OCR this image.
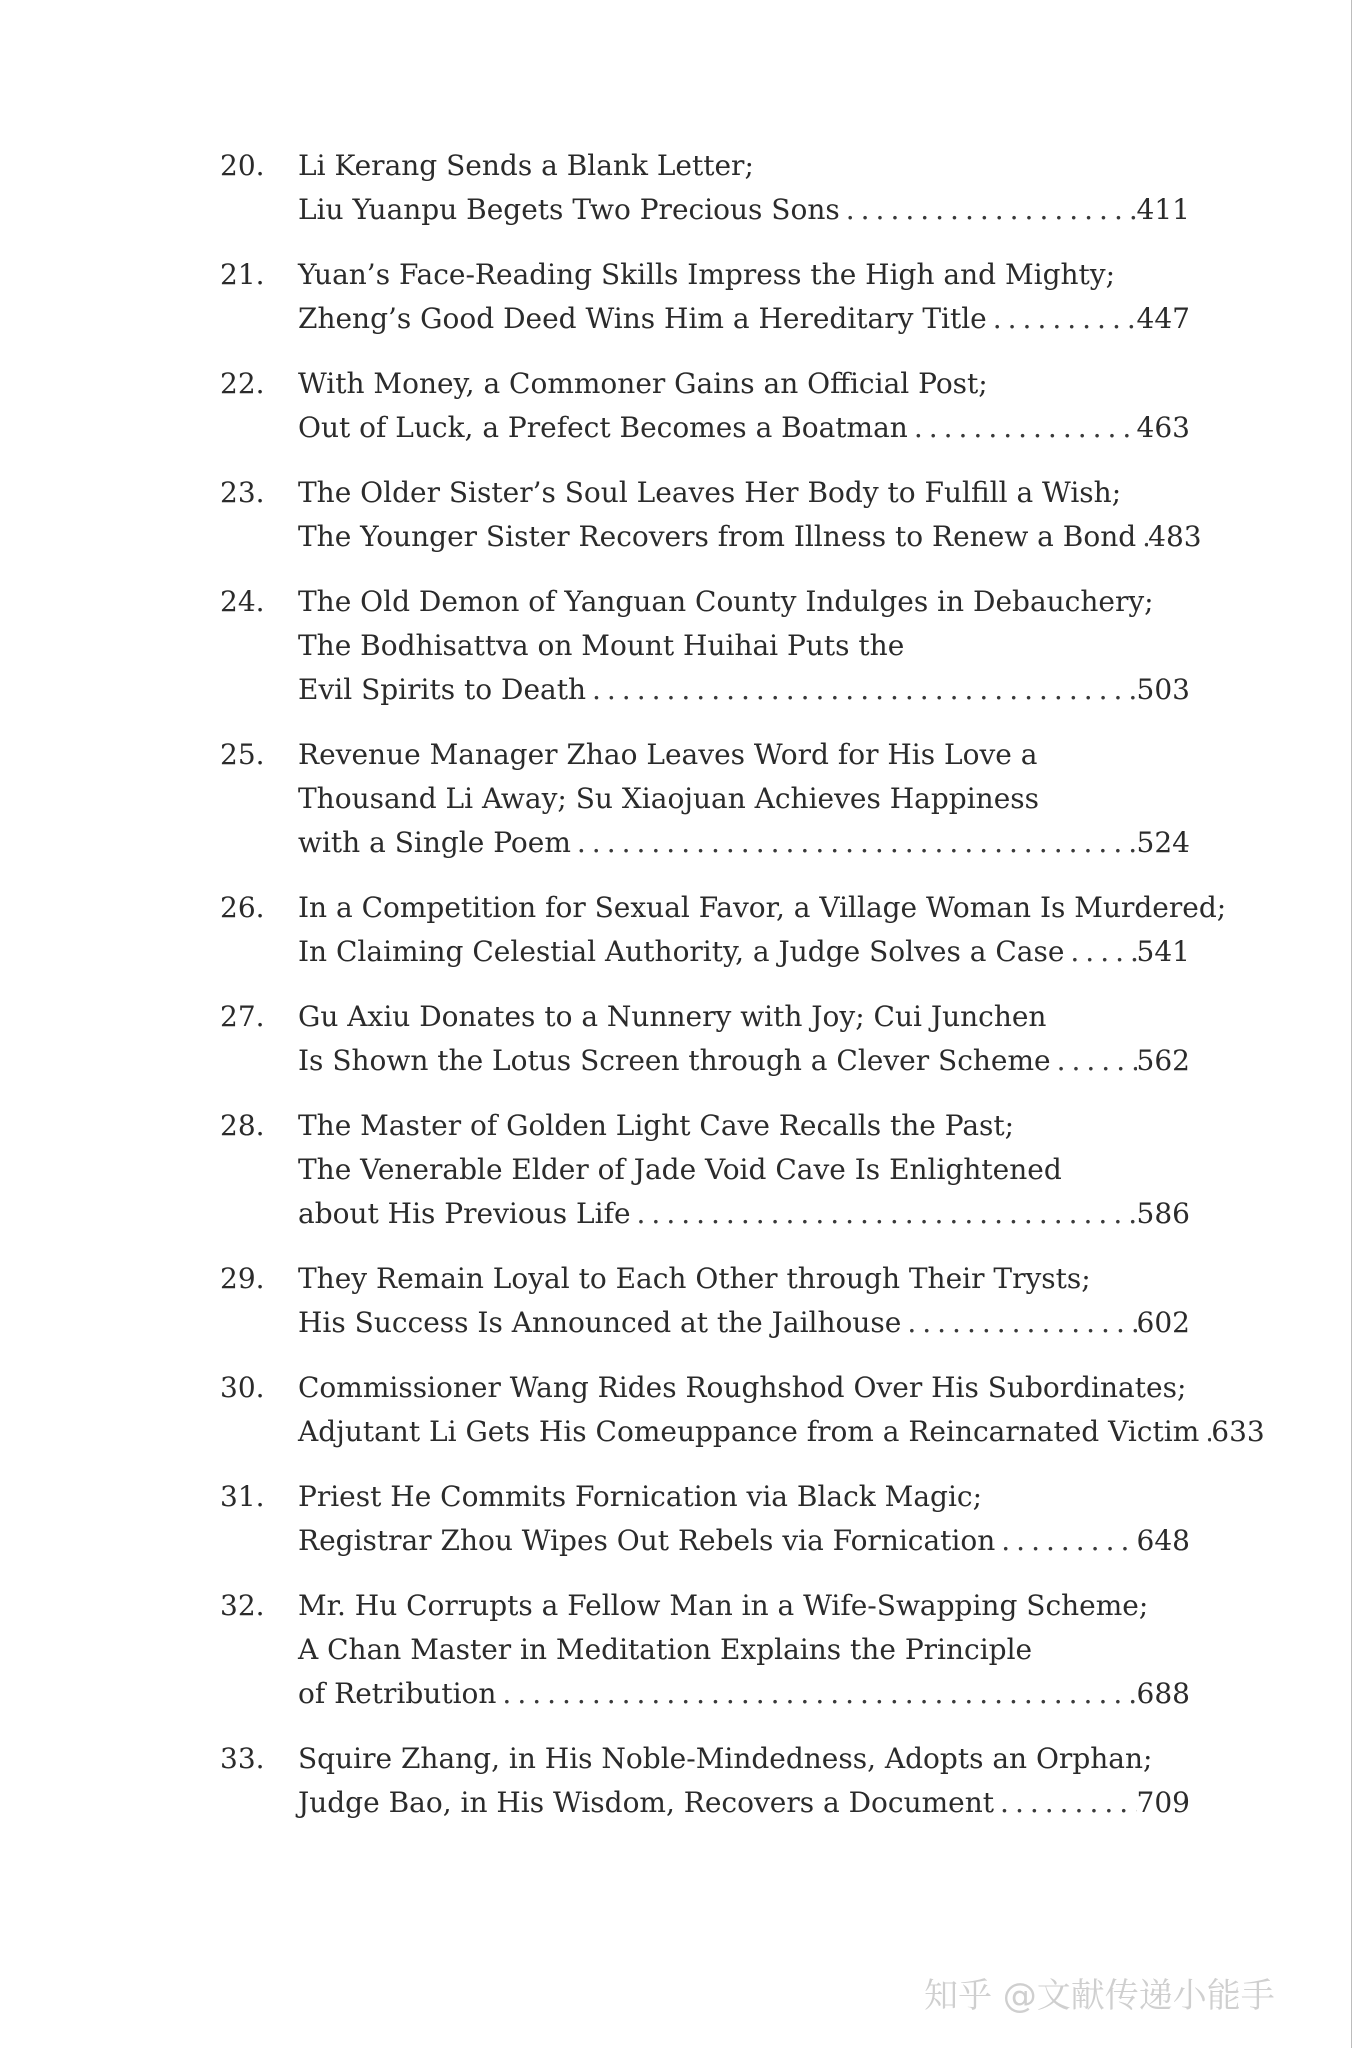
20.	Li Kerang Sends a Blank Letter;
Liu Yuanpu Begets Two Precious Sons .....	411
21.	Yuan’s Face-Reading Skills Impress the High and Mighty;
Zheng’s Good Deed Wins Him a Hereditary Title .....	447
22.	With Money, a Commoner Gains an Official Post;
Out of Luck, a Prefect Becomes a Boatman .....	463
23.	The Older Sister’s Soul Leaves Her Body to Fulfill a Wish;
The Younger Sister Recovers from Illness to Renew a Bond ..... 483
24.	The Old Demon of Yanguan County Indulges in Debauchery;
The Bodhisattva on Mount Huihai Puts the
Evil Spirits to Death .....	503
25.	Revenue Manager Zhao Leaves Word for His Love a
Thousand Li Away; Su Xiaojuan Achieves Happiness
with a Single Poem .....	524
26.	In a Competition for Sexual Favor, a Village Woman Is Murdered;
In Claiming Celestial Authority, a Judge Solves a Case .....	541
27.	Gu Axiu Donates to a Nunnery with Joy; Cui Junchen
Is Shown the Lotus Screen through a Clever Scheme .....	562
28.	The Master of Golden Light Cave Recalls the Past;
The Venerable Elder of Jade Void Cave Is Enlightened
about His Previous Life .....	586
29.	They Remain Loyal to Each Other through Their Trysts;
His Success Is Announced at the Jailhouse .....	602
30.	Commissioner Wang Rides Roughshod Over His Subordinates;
Adjutant Li Gets His Comeuppance from a Reincarnated Victim ..... 633
31.	Priest He Commits Fornication via Black Magic;
Registrar Zhou Wipes Out Rebels via Fornication .....	648
32.	Mr. Hu Corrupts a Fellow Man in a Wife-Swapping Scheme;
A Chan Master in Meditation Explains the Principle
of Retribution .....	688
33.	Squire Zhang, in His Noble-Mindedness, Adopts an Orphan;
Judge Bao, in His Wisdom, Recovers a Document .....	709
知乎 @文献传递小能手
